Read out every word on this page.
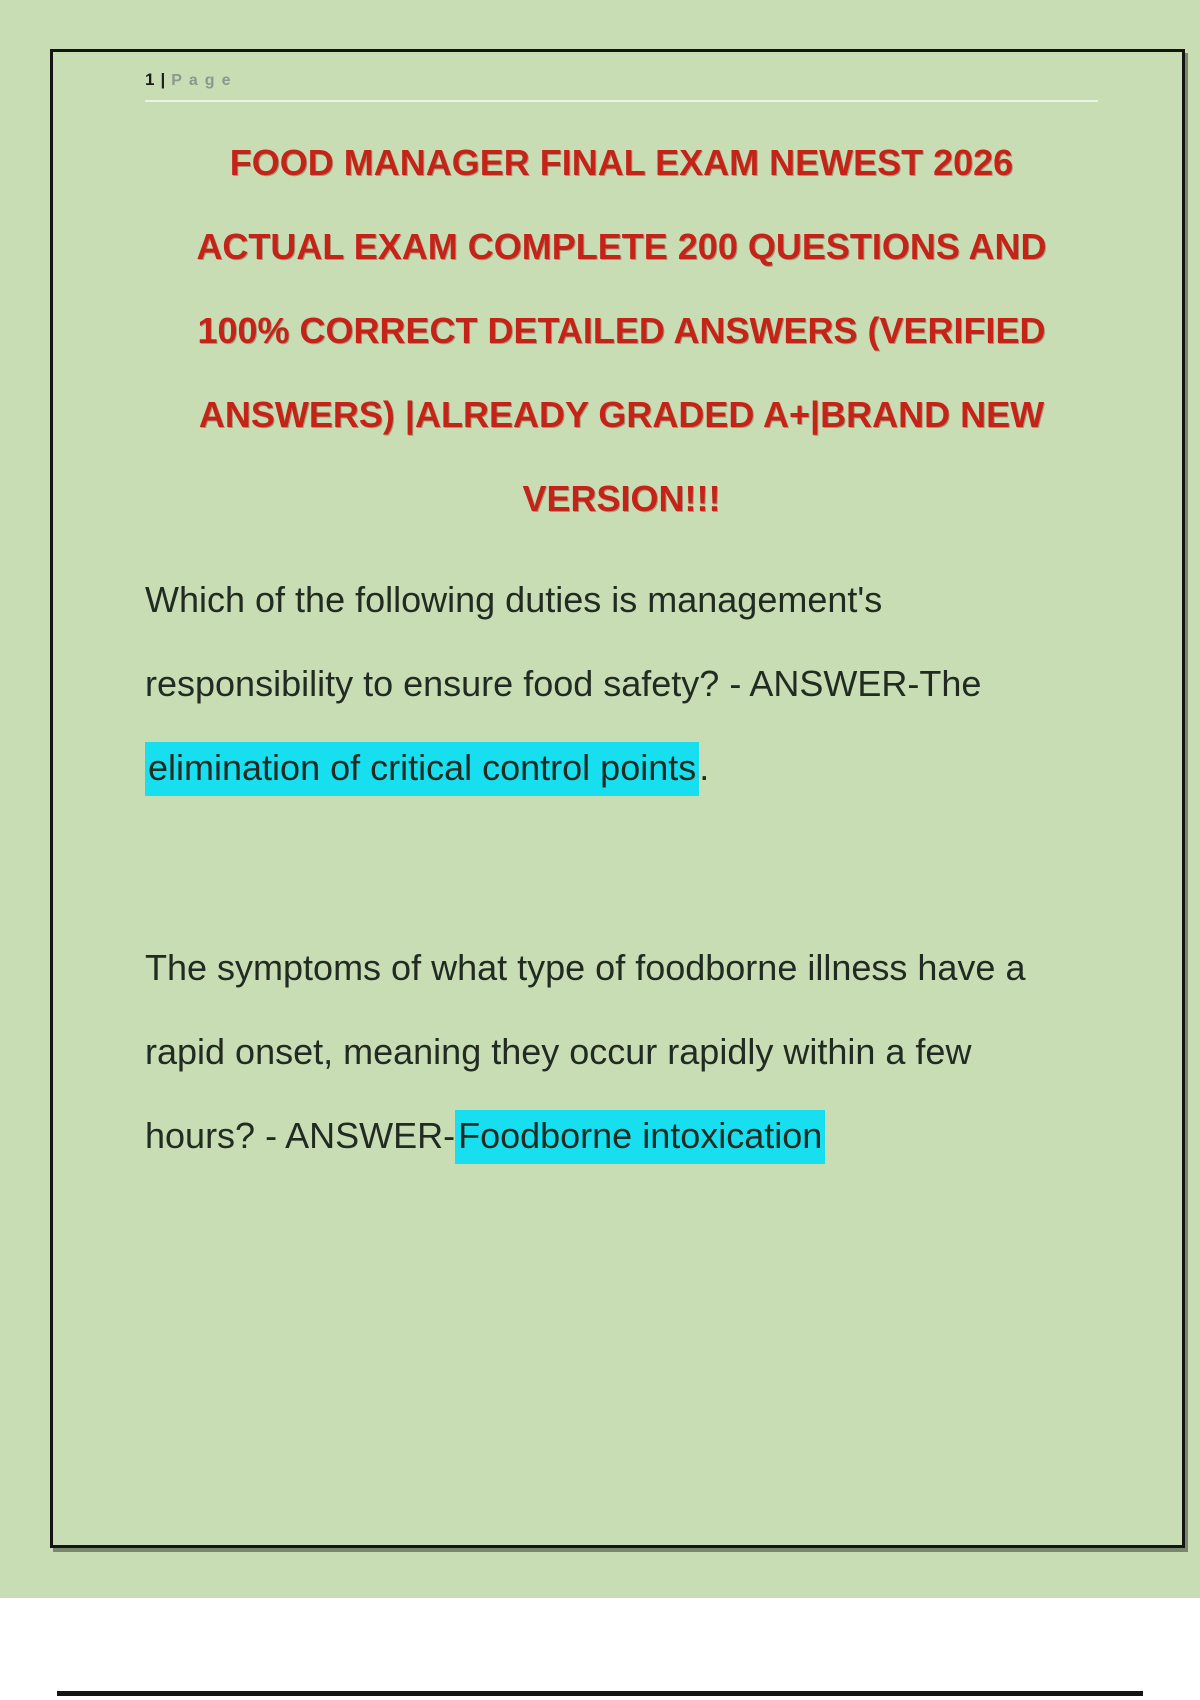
1 | Page
FOOD MANAGER FINAL EXAM NEWEST 2026
ACTUAL EXAM COMPLETE 200 QUESTIONS AND
100% CORRECT DETAILED ANSWERS (VERIFIED
ANSWERS) |ALREADY GRADED A+|BRAND NEW
VERSION!!!
Which of the following duties is management's
responsibility to ensure food safety? - ANSWER-The
elimination of critical control points.
The symptoms of what type of foodborne illness have a
rapid onset, meaning they occur rapidly within a few
hours? - ANSWER-Foodborne intoxication
